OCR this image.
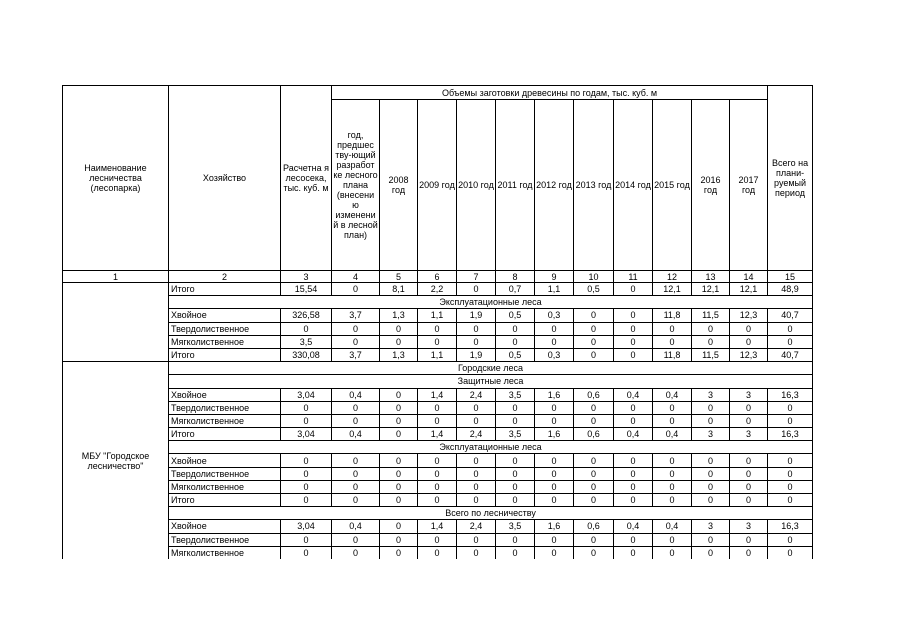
Наименование лесничества (лесопарка)	Хозяйство	Расчетна я лесосека, тыс. куб. м	Объемы заготовки древесины по годам, тыс. куб. м											Всего на плани-руемый период
			год, предшес тву-ющий разработ ке лесного плана (внесени ю изменени й в лесной план)	2008 год	2009 год	2010 год	2011 год	2012 год	2013 год	2014 год	2015 год	2016 год	2017 год	
1	2	3	4	5	6	7	8	9	10	11	12	13	14	15
	Итого	15,54	0	8,1	2,2	0	0,7	1,1	0,5	0	12,1	12,1	12,1	48,9
	Эксплуатационные леса													
	Хвойное	326,58	3,7	1,3	1,1	1,9	0,5	0,3	0	0	11,8	11,5	12,3	40,7
	Твердолиственное	0	0	0	0	0	0	0	0	0	0	0	0	0
	Мягколиственное	3,5	0	0	0	0	0	0	0	0	0	0	0	0
	Итого	330,08	3,7	1,3	1,1	1,9	0,5	0,3	0	0	11,8	11,5	12,3	40,7
МБУ "Городское лесничество"	Городские леса													
	Защитные леса													
	Хвойное	3,04	0,4	0	1,4	2,4	3,5	1,6	0,6	0,4	0,4	3	3	16,3
	Твердолиственное	0	0	0	0	0	0	0	0	0	0	0	0	0
	Мягколиственное	0	0	0	0	0	0	0	0	0	0	0	0	0
	Итого	3,04	0,4	0	1,4	2,4	3,5	1,6	0,6	0,4	0,4	3	3	16,3
	Эксплуатационные леса													
	Хвойное	0	0	0	0	0	0	0	0	0	0	0	0	0
	Твердолиственное	0	0	0	0	0	0	0	0	0	0	0	0	0
	Мягколиственное	0	0	0	0	0	0	0	0	0	0	0	0	0
	Итого	0	0	0	0	0	0	0	0	0	0	0	0	0
	Всего по лесничеству													
	Хвойное	3,04	0,4	0	1,4	2,4	3,5	1,6	0,6	0,4	0,4	3	3	16,3
	Твердолиственное	0	0	0	0	0	0	0	0	0	0	0	0	0
	Мягколиственное	0	0	0	0	0	0	0	0	0	0	0	0	0
